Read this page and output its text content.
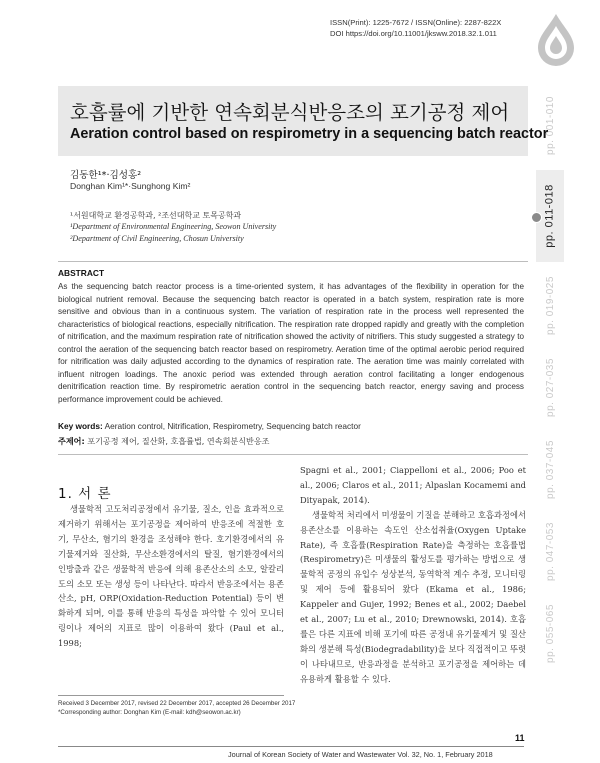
ISSN(Print): 1225-7672 / ISSN(Online): 2287-822X
DOI https://doi.org/10.11001/jksww.2018.32.1.011
pp. 001-010
pp. 011-018
pp. 019-025
pp. 027-035
pp. 037-045
pp. 047-053
pp. 055-065
호흡률에 기반한 연속회분식반응조의 포기공정 제어
Aeration control based on respirometry in a sequencing batch reactor
김동한¹*·김성홍²
Donghan Kim¹*·Sunghong Kim²
¹서원대학교 환경공학과, ²조선대학교 토목공학과
¹Department of Environmental Engineering, Seowon University
²Department of Civil Engineering, Chosun University
ABSTRACT
As the sequencing batch reactor process is a time-oriented system, it has advantages of the flexibility in operation for the biological nutrient removal. Because the sequencing batch reactor is operated in a batch system, respiration rate is more sensitive and obvious than in a continuous system. The variation of respiration rate in the process well represented the characteristics of biological reactions, especially nitrification. The respiration rate dropped rapidly and greatly with the completion of nitrification, and the maximum respiration rate of nitrification showed the activity of nitrifiers. This study suggested a strategy to control the aeration of the sequencing batch reactor based on respirometry. Aeration time of the optimal aerobic period required for nitrification was daily adjusted according to the dynamics of respiration rate. The aeration time was mainly correlated with influent nitrogen loadings. The anoxic period was extended through aeration control facilitating a longer endogenous denitrification reaction time. By respirometric aeration control in the sequencing batch reactor, energy saving and process performance improvement could be achieved.
Key words: Aeration control, Nitrification, Respirometry, Sequencing batch reactor
주제어: 포기공정 제어, 질산화, 호흡률법, 연속회분식반응조
1. 서 론

생물학적 고도처리공정에서 유기물, 질소, 인을 효과적으로 제거하기 위해서는 포기공정을 제어하여 반응조에 적절한 호기, 무산소, 혐기의 환경을 조성해야 한다. 호기환경에서의 유기물제거와 질산화, 무산소환경에서의 탈질, 혐기환경에서의 인방출과 같은 생물학적 반응에 의해 용존산소의 소모, 알칼리도의 소모 또는 생성 등이 나타난다. 따라서 반응조에서는 용존산소, pH, ORP(Oxidation-Reduction Potential) 등이 변화하게 되며, 이를 통해 반응의 특성을 파악할 수 있어 모니터링이나 제어의 지표로 많이 이용하여 왔다 (Paul et al., 1998;

Spagni et al., 2001; Ciappelloni et al., 2006; Poo et al., 2006; Claros et al., 2011; Alpaslan Kocamemi and Dityapak, 2014).

생물학적 처리에서 미생물이 기질을 분해하고 호흡과정에서 용존산소를 이용하는 속도인 산소섭취율(Oxygen Uptake Rate), 즉 호흡률(Respiration Rate)을 측정하는 호흡률법(Respirometry)은 미생물의 활성도를 평가하는 방법으로 생물학적 공정의 유입수 성상분석, 동역학적 계수 추정, 모니터링 및 제어 등에 활용되어 왔다 (Ekama et al., 1986; Kappeler and Gujer, 1992; Benes et al., 2002; Daebel et al., 2007; Lu et al., 2010; Drewnowski, 2014). 호흡률은 다른 지표에 비해 포기에 따른 공정내 유기물제거 및 질산화의 생분해 특성(Biodegradability)을 보다 직접적이고 뚜렷이 나타내므로, 반응과정을 분석하고 포기공정을 제어하는 데 유용하게 활용할 수 있다.

Received 3 December 2017, revised 22 December 2017, accepted 26 December 2017
*Corresponding author: Donghan Kim (E-mail: kdh@seowon.ac.kr)
11
Journal of Korean Society of Water and Wastewater Vol. 32, No. 1, February 2018
